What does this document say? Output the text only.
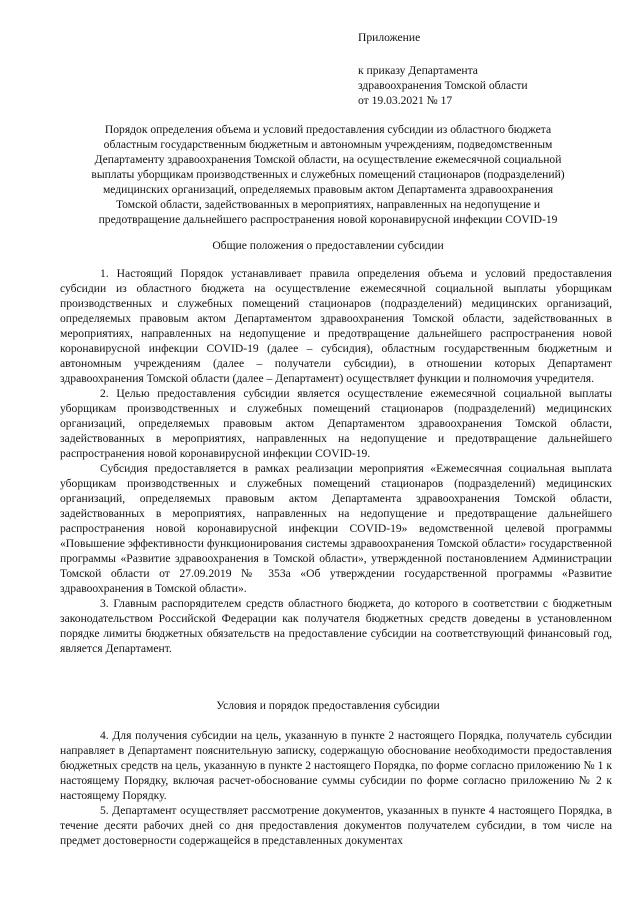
Приложение
к приказу Департамента
здравоохранения Томской области
от 19.03.2021 № 17
Порядок определения объема и условий предоставления субсидии из областного бюджета
областным государственным бюджетным и автономным учреждениям, подведомственным
Департаменту здравоохранения Томской области, на осуществление ежемесячной социальной
выплаты уборщикам производственных и служебных помещений стационаров (подразделений)
медицинских организаций, определяемых правовым актом Департамента здравоохранения
Томской области, задействованных в мероприятиях, направленных на недопущение и
предотвращение дальнейшего распространения новой коронавирусной инфекции COVID-19
Общие положения о предоставлении субсидии

1. Настоящий Порядок устанавливает правила определения объема и условий предоставления субсидии из областного бюджета на осуществление ежемесячной социальной выплаты уборщикам производственных и служебных помещений стационаров (подразделений) медицинских организаций, определяемых правовым актом Департаментом здравоохранения Томской области, задействованных в мероприятиях, направленных на недопущение и предотвращение дальнейшего распространения новой коронавирусной инфекции COVID-19 (далее – субсидия), областным государственным бюджетным и автономным учреждениям (далее – получатели субсидии), в отношении которых Департамент здравоохранения Томской области (далее – Департамент) осуществляет функции и полномочия учредителя.

2. Целью предоставления субсидии является осуществление ежемесячной социальной выплаты уборщикам производственных и служебных помещений стационаров (подразделений) медицинских организаций, определяемых правовым актом Департаментом здравоохранения Томской области, задействованных в мероприятиях, направленных на недопущение и предотвращение дальнейшего распространения новой коронавирусной инфекции COVID-19.

Субсидия предоставляется в рамках реализации мероприятия «Ежемесячная социальная выплата уборщикам производственных и служебных помещений стационаров (подразделений) медицинских организаций, определяемых правовым актом Департамента здравоохранения Томской области, задействованных в мероприятиях, направленных на недопущение и предотвращение дальнейшего распространения новой коронавирусной инфекции COVID-19» ведомственной целевой программы «Повышение эффективности функционирования системы здравоохранения Томской области» государственной программы «Развитие здравоохранения в Томской области», утвержденной постановлением Администрации Томской области от 27.09.2019 № 353а «Об утверждении государственной программы «Развитие здравоохранения в Томской области».

3. Главным распорядителем средств областного бюджета, до которого в соответствии с бюджетным законодательством Российской Федерации как получателя бюджетных средств доведены в установленном порядке лимиты бюджетных обязательств на предоставление субсидии на соответствующий финансовый год, является Департамент.

Условия и порядок предоставления субсидии

4. Для получения субсидии на цель, указанную в пункте 2 настоящего Порядка, получатель субсидии направляет в Департамент пояснительную записку, содержащую обоснование необходимости предоставления бюджетных средств на цель, указанную в пункте 2 настоящего Порядка, по форме согласно приложению № 1 к настоящему Порядку, включая расчет-обоснование суммы субсидии по форме согласно приложению № 2 к настоящему Порядку.

5. Департамент осуществляет рассмотрение документов, указанных в пункте 4 настоящего Порядка, в течение десяти рабочих дней со дня предоставления документов получателем субсидии, в том числе на предмет достоверности содержащейся в представленных документах
